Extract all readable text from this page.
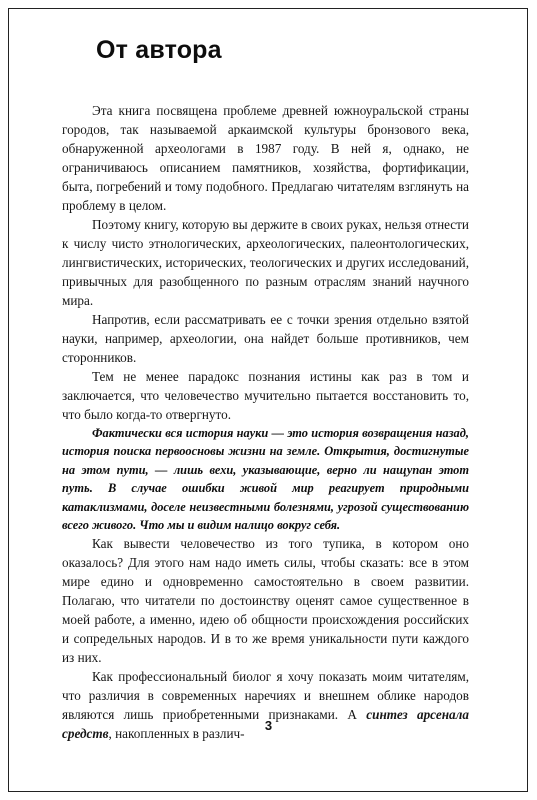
От автора

Эта книга посвящена проблеме древней южноуральской страны городов, так называемой аркаимской культуры бронзового века, обнаруженной археологами в 1987 году. В ней я, однако, не ограничиваюсь описанием памятников, хозяйства, фортификации, быта, погребений и тому подобного. Предлагаю читателям взглянуть на проблему в целом.

Поэтому книгу, которую вы держите в своих руках, нельзя отнести к числу чисто этнологических, археологических, палеонтологических, лингвистических, исторических, теологических и других исследований, привычных для разобщенного по разным отраслям знаний научного мира.

Напротив, если рассматривать ее с точки зрения отдельно взятой науки, например, археологии, она найдет больше противников, чем сторонников.

Тем не менее парадокс познания истины как раз в том и заключается, что человечество мучительно пытается восстановить то, что было когда-то отвергнуто.

Фактически вся история науки — это история возвращения назад, история поиска первоосновы жизни на земле. Открытия, достигнутые на этом пути, — лишь вехи, указывающие, верно ли нащупан этот путь. В случае ошибки живой мир реагирует природными катаклизмами, доселе неизвестными болезнями, угрозой существованию всего живого. Что мы и видим налицо вокруг себя.

Как вывести человечество из того тупика, в котором оно оказалось? Для этого нам надо иметь силы, чтобы сказать: все в этом мире едино и одновременно самостоятельно в своем развитии. Полагаю, что читатели по достоинству оценят самое существенное в моей работе, а именно, идею об общности происхождения российских и сопредельных народов. И в то же время уникальности пути каждого из них.

Как профессиональный биолог я хочу показать моим читателям, что различия в современных наречиях и внешнем облике народов являются лишь приобретенными признаками. А синтез арсенала средств, накопленных в различ-

3
